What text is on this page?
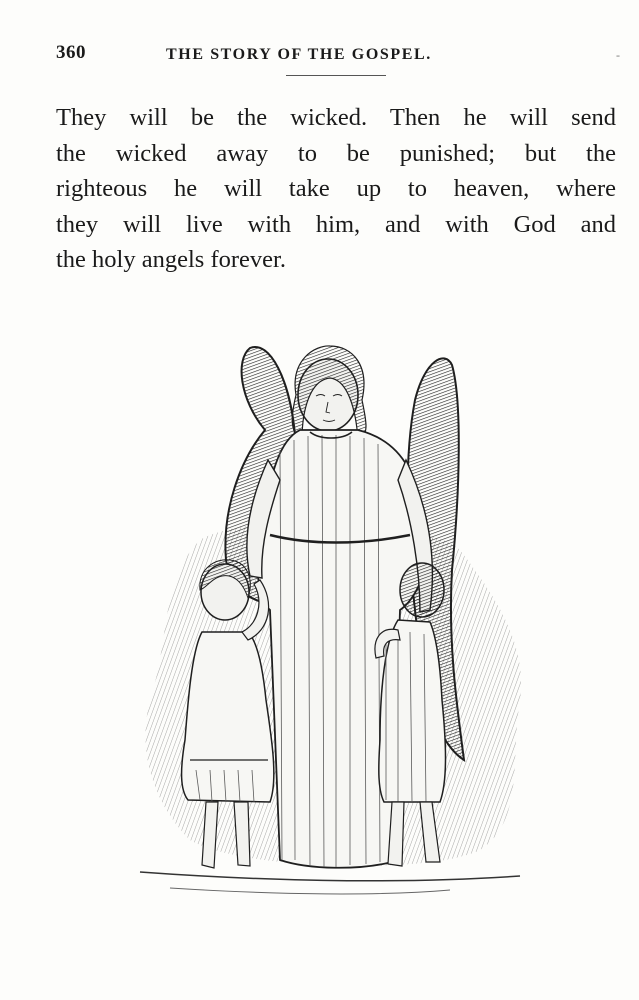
360	THE STORY OF THE GOSPEL.	-
They will be the wicked. Then he will send
the wicked away to be punished; but the
righteous he will take up to heaven, where
they will live with him, and with God and
the holy angels forever.
